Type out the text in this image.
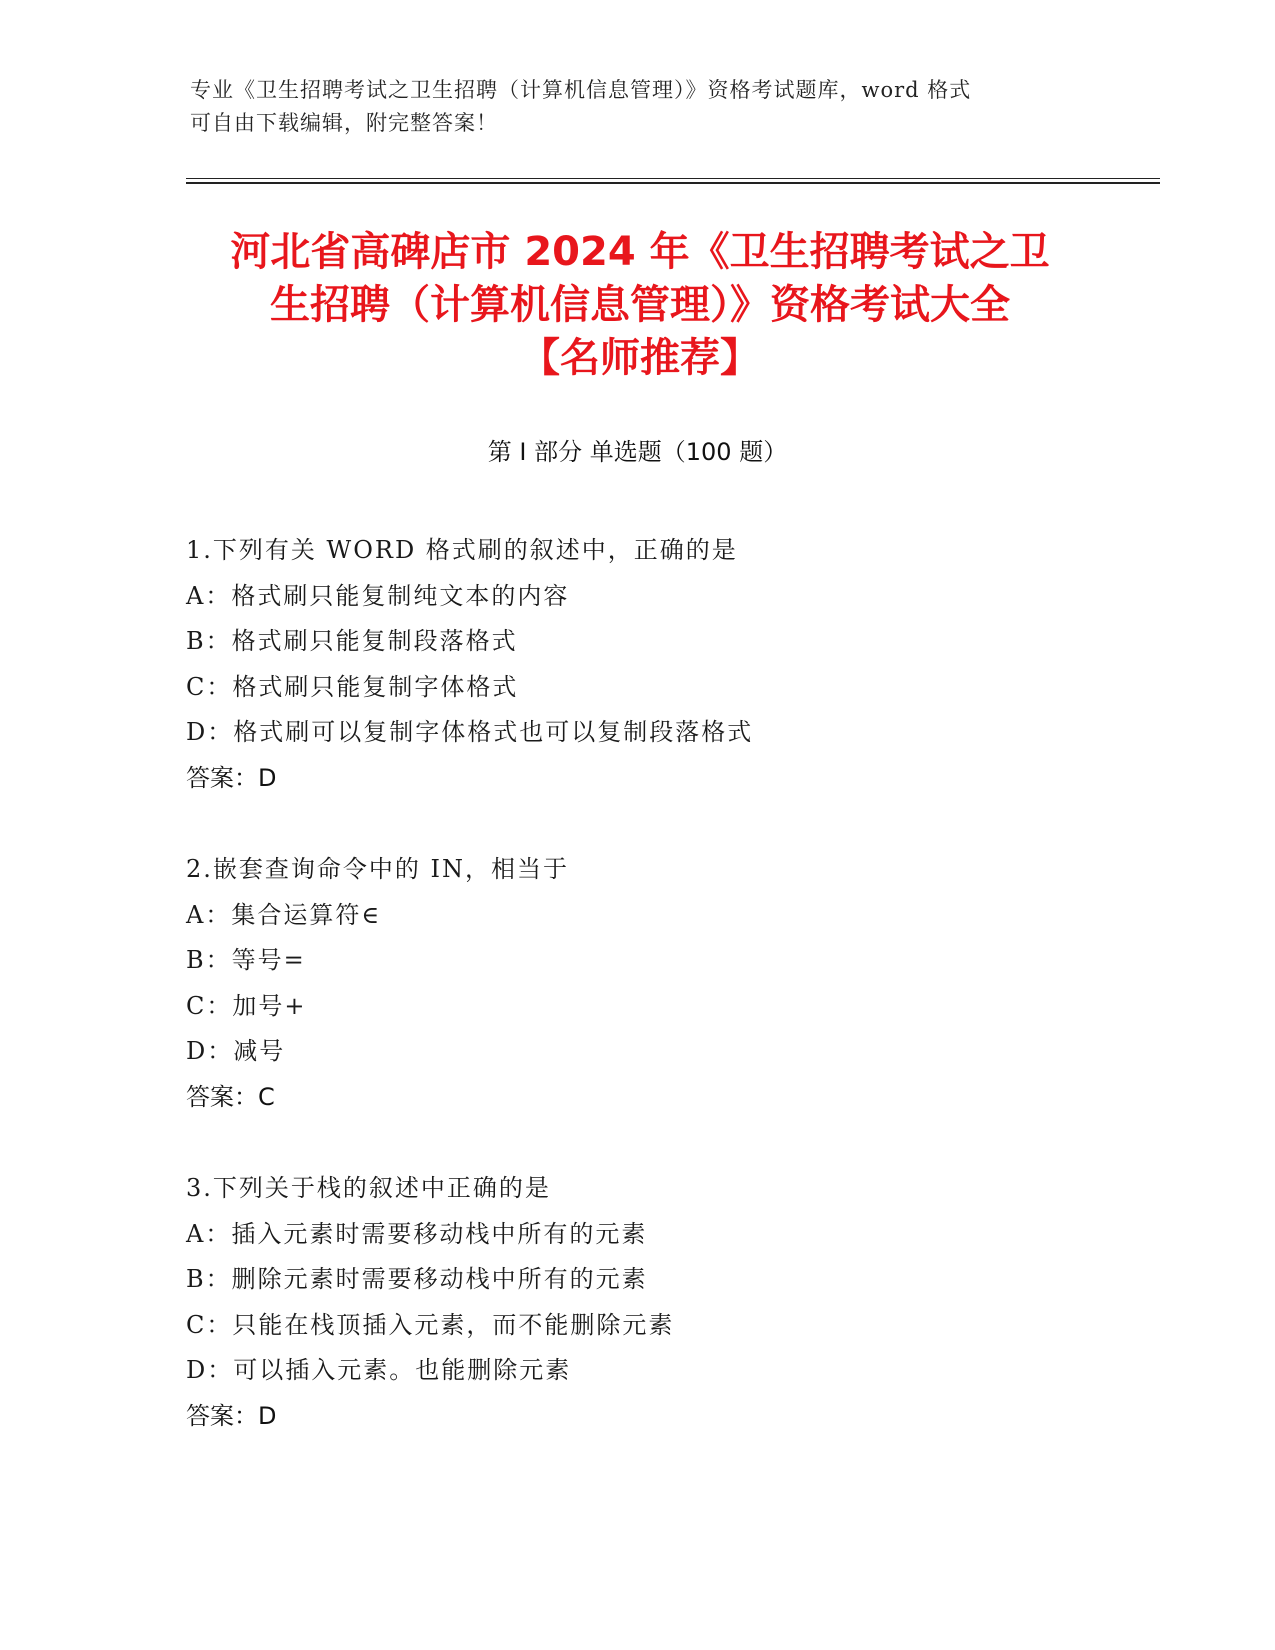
专业《卫生招聘考试之卫生招聘（计算机信息管理）》资格考试题库，word 格式
可自由下载编辑，附完整答案！
河北省高碑店市 2024 年《卫生招聘考试之卫
生招聘（计算机信息管理）》资格考试大全
【名师推荐】
第 I 部分 单选题（100 题）
1.下列有关 WORD 格式刷的叙述中，正确的是
A：格式刷只能复制纯文本的内容
B：格式刷只能复制段落格式
C：格式刷只能复制字体格式
D：格式刷可以复制字体格式也可以复制段落格式
答案：D
2.嵌套查询命令中的 IN，相当于
A：集合运算符∈
B：等号=
C：加号+
D：减号
答案：C
3.下列关于栈的叙述中正确的是
A：插入元素时需要移动栈中所有的元素
B：删除元素时需要移动栈中所有的元素
C：只能在栈顶插入元素，而不能删除元素
D：可以插入元素。也能删除元素
答案：D
